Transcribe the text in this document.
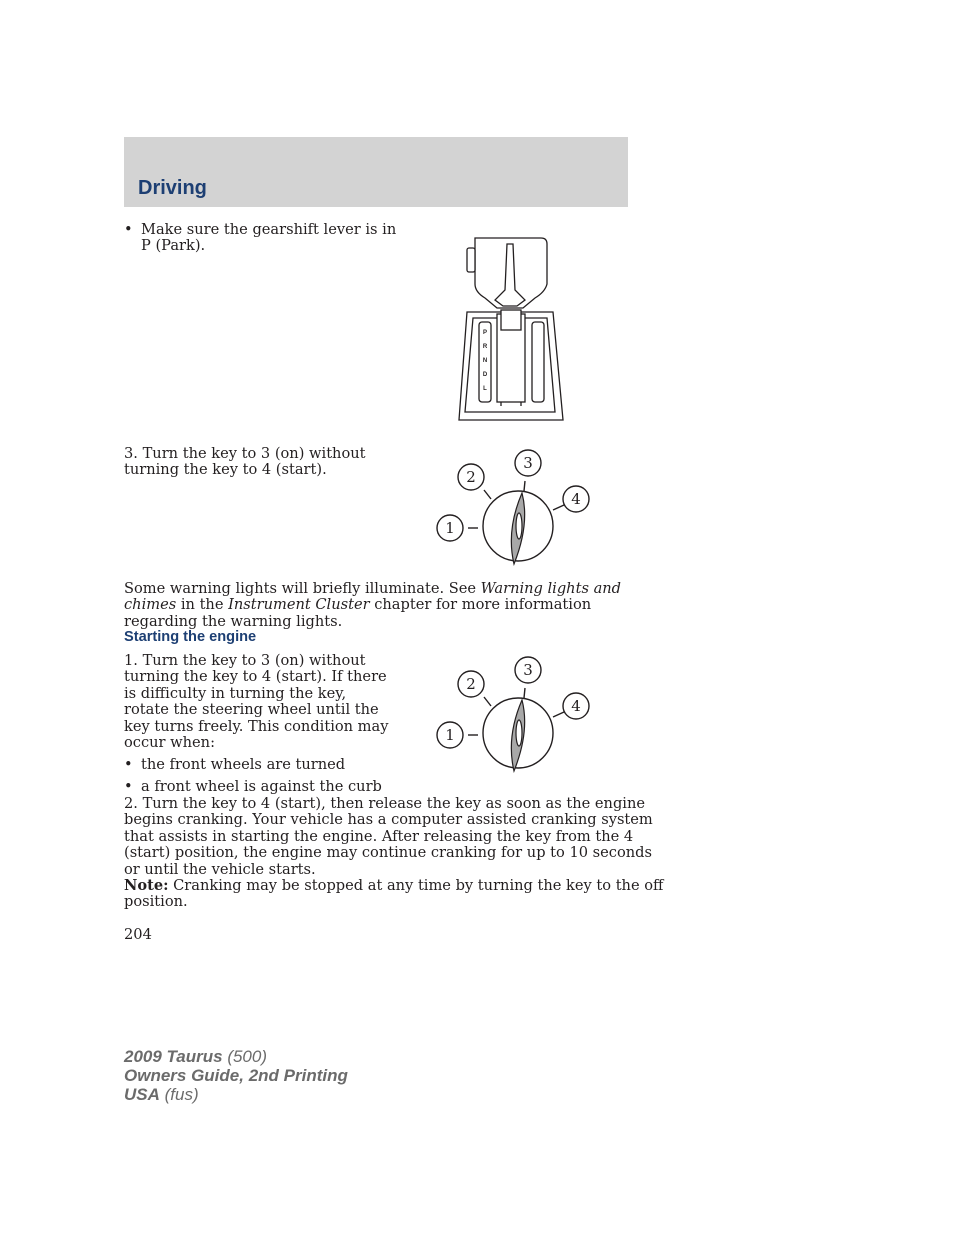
Driving
• Make sure the gearshift lever is in
P (Park).
P
R
N
D
L
3. Turn the key to 3 (on) without
turning the key to 4 (start).
1
2
3
4
Some warning lights will briefly illuminate. See Warning lights and
chimes in the Instrument Cluster chapter for more information
regarding the warning lights.
Starting the engine
1. Turn the key to 3 (on) without
turning the key to 4 (start). If there
is difficulty in turning the key,
rotate the steering wheel until the
key turns freely. This condition may
occur when:	1
2
3
4
• the front wheels are turned
• a front wheel is against the curb
2. Turn the key to 4 (start), then release the key as soon as the engine
begins cranking. Your vehicle has a computer assisted cranking system
that assists in starting the engine. After releasing the key from the 4
(start) position, the engine may continue cranking for up to 10 seconds
or until the vehicle starts.
Note: Cranking may be stopped at any time by turning the key to the off
position.
204
2009 Taurus (500)
Owners Guide, 2nd Printing
USA (fus)
